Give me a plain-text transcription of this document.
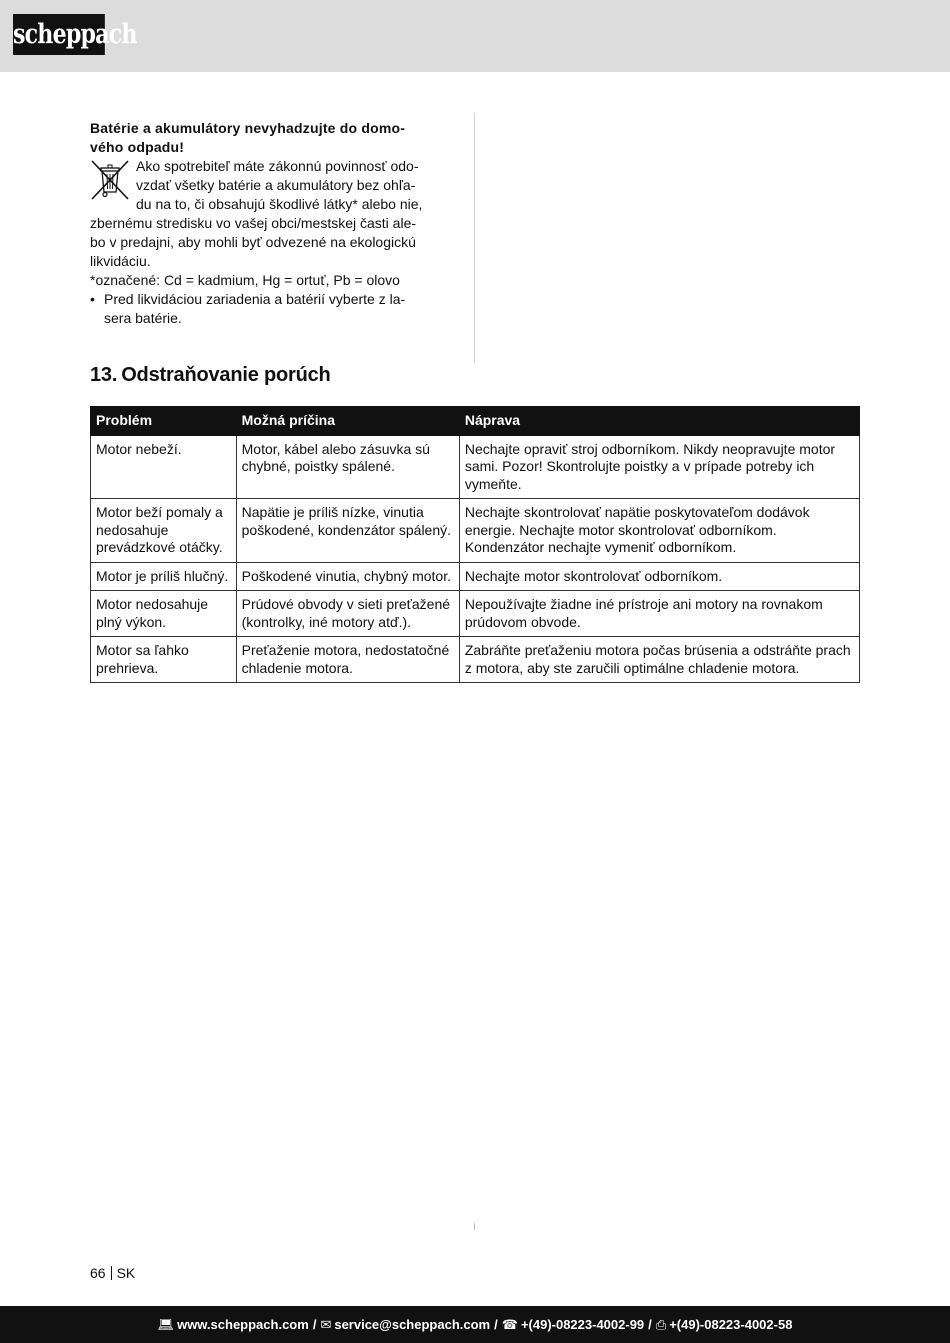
scheppach

Batérie a akumulátory nevyhadzujte do domo-

vého odpadu!

Ako spotrebiteľ máte zákonnú povinnosť odo-

vzdať všetky batérie a akumulátory bez ohľa-

du na to, či obsahujú škodlivé látky* alebo nie,

zbernému stredisku vo vašej obci/mestskej časti ale-

bo v predajni, aby mohli byť odvezené na ekologickú

likvidáciu.

*označené: Cd = kadmium, Hg = ortuť, Pb = olovo

• Pred likvidáciou zariadenia a batérií vyberte z la-
sera batérie.

13. Odstraňovanie porúch
Problém	Možná príčina	Náprava
Motor nebeží.	Motor, kábel alebo zásuvka sú chybné, poistky spálené.	Nechajte opraviť stroj odborníkom. Nikdy neopravujte motor sami. Pozor! Skontrolujte poistky a v prípade potreby ich vymeňte.
Motor beží pomaly a nedosahuje prevádzkové otáčky.	Napätie je príliš nízke, vinutia poškodené, kondenzátor spálený.	Nechajte skontrolovať napätie poskytovateľom dodávok energie. Nechajte motor skontrolovať odborníkom. Kondenzátor nechajte vymeniť odborníkom.
Motor je príliš hlučný.	Poškodené vinutia, chybný motor.	Nechajte motor skontrolovať odborníkom.
Motor nedosahuje plný výkon.	Prúdové obvody v sieti preťažené (kontrolky, iné motory atď.).	Nepoužívajte žiadne iné prístroje ani motory na rovnakom prúdovom obvode.
Motor sa ľahko prehrieva.	Preťaženie motora, nedostatočné chladenie motora.	Zabráňte preťaženiu motora počas brúsenia a odstráňte prach z motora, aby ste zaručili optimálne chladenie motora.
66 SK
💻︎ www.scheppach.com / ✉︎ service@scheppach.com / ☎︎ +(49)-08223-4002-99 / ⎙ +(49)-08223-4002-58
